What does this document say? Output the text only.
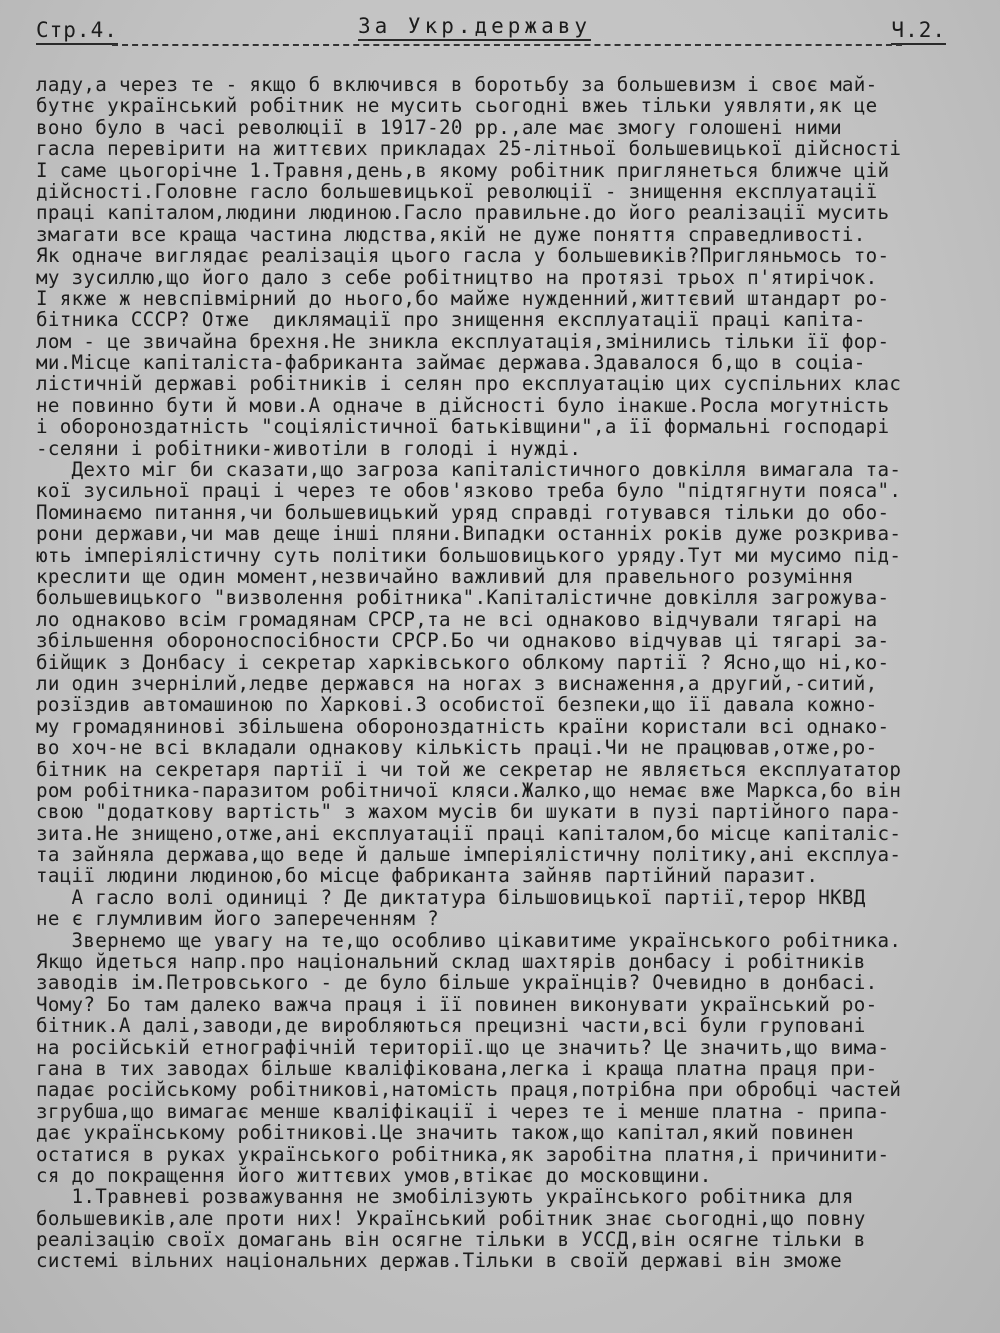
Стр.4.	За Укр.державу	Ч.2.
ладу,а через те - якщо б включився в боротьбу за большевизм і своє май-
бутнє український робітник не мусить сьогодні вжеь тільки уявляти,як це
воно було в часі революції в 1917-20 рр.,але має змогу голошені ними
гасла перевірити на життєвих прикладах 25-літньої большевицької дійсності
І саме цьогорічне 1.Травня,день,в якому робітник приглянеться ближче цій
дійсності.Головне гасло большевицької революції - знищення експлуатації
праці капіталом,людини людиною.Гасло правильне.до його реалізації мусить
змагати все краща частина людства,якій не дуже поняття справедливості.
Як одначе виглядає реалізація цього гасла у большевиків?Пригляньмось то-
му зусиллю,що його дало з себе робітництво на протязі трьох п'ятирічок.
І якже ж невспівмірний до нього,бо майже нужденний,життєвий штандарт ро-
бітника СССР? Отже  диклямації про знищення експлуатації праці капіта-
лом - це звичайна брехня.Не зникла експлуатація,змінились тільки її фор-
ми.Місце капіталіста-фабриканта займає держава.Здавалося б,що в соціа-
лістичній державі робітників і селян про експлуатацію цих суспільних клас
не повинно бути й мови.А одначе в дійсності було інакше.Росла могутність
і обороноздатність "соціялістичної батьківщини",а її формальні господарі
-селяни і робітники-животіли в голоді і нужді.
Дехто міг би сказати,що загроза капіталістичного довкілля вимагала та-
кої зусильної праці і через те обов'язково треба було "підтягнути пояса".
Поминаємо питання,чи большевицький уряд справді готувався тільки до обо-
рони держави,чи мав деще інші пляни.Випадки останніх років дуже розкрива-
ють імперіялістичну суть політики большовицького уряду.Тут ми мусимо під-
креслити ще один момент,незвичайно важливий для правельного розуміння
большевицького "визволення робітника".Капіталістичне довкілля загрожува-
ло однаково всім громадянам СРСР,та не всі однаково відчували тягарі на
збільшення обороноспосібности СРСР.Бо чи однаково відчував ці тягарі за-
бійщик з Донбасу і секретар харківського облкому партії ? Ясно,що ні,ко-
ли один зчернілий,ледве держався на ногах з виснаження,а другий,-ситий,
розїздив автомашиною по Харкові.З особистої безпеки,що її давала кожно-
му громадянинові збільшена обороноздатність країни користали всі однако-
во хоч-не всі вкладали однакову кількість праці.Чи не працював,отже,ро-
бітник на секретаря партії і чи той же секретар не являється експлуататор
ром робітника-паразитом робітничої кляси.Жалко,що немає вже Маркса,бо він
свою "додаткову вартість" з жахом мусів би шукати в пузі партійного пара-
зита.Не знищено,отже,ані експлуатації праці капіталом,бо місце капіталіс-
та зайняла держава,що веде й дальше імперіялістичну політику,ані експлуа-
тації людини людиною,бо місце фабриканта зайняв партійний паразит.
А гасло волі одиниці ? Де диктатура більшовицької партії,терор НКВД
не є глумливим його запереченням ?
Звернемо ще увагу на те,що особливо цікавитиме українського робітника.
Якщо йдеться напр.про національний склад шахтярів донбасу і робітників
заводів ім.Петровського - де було більше українців? Очевидно в донбасі.
Чому? Бо там далеко важча праця і її повинен виконувати український ро-
бітник.А далі,заводи,де виробляються прецизні части,всі були груповані
на російській етнографічній території.що це значить? Це значить,що вима-
гана в тих заводах більше кваліфікована,легка і краща платна праця при-
падає російському робітникові,натомість праця,потрібна при обробці частей
згрубша,що вимагає менше кваліфікації і через те і менше платна - припа-
дає українському робітникові.Це значить також,що капітал,який повинен
остатися в руках українського робітника,як заробітна платня,і причинити-
ся до покращення його життєвих умов,втікає до московщини.
1.Травневі розважування не змобілізують українського робітника для
большевиків,але проти них! Український робітник знає сьогодні,що повну
реалізацію своїх домагань він осягне тільки в УССД,він осягне тільки в
системі вільних національних держав.Тільки в своїй державі він зможе
